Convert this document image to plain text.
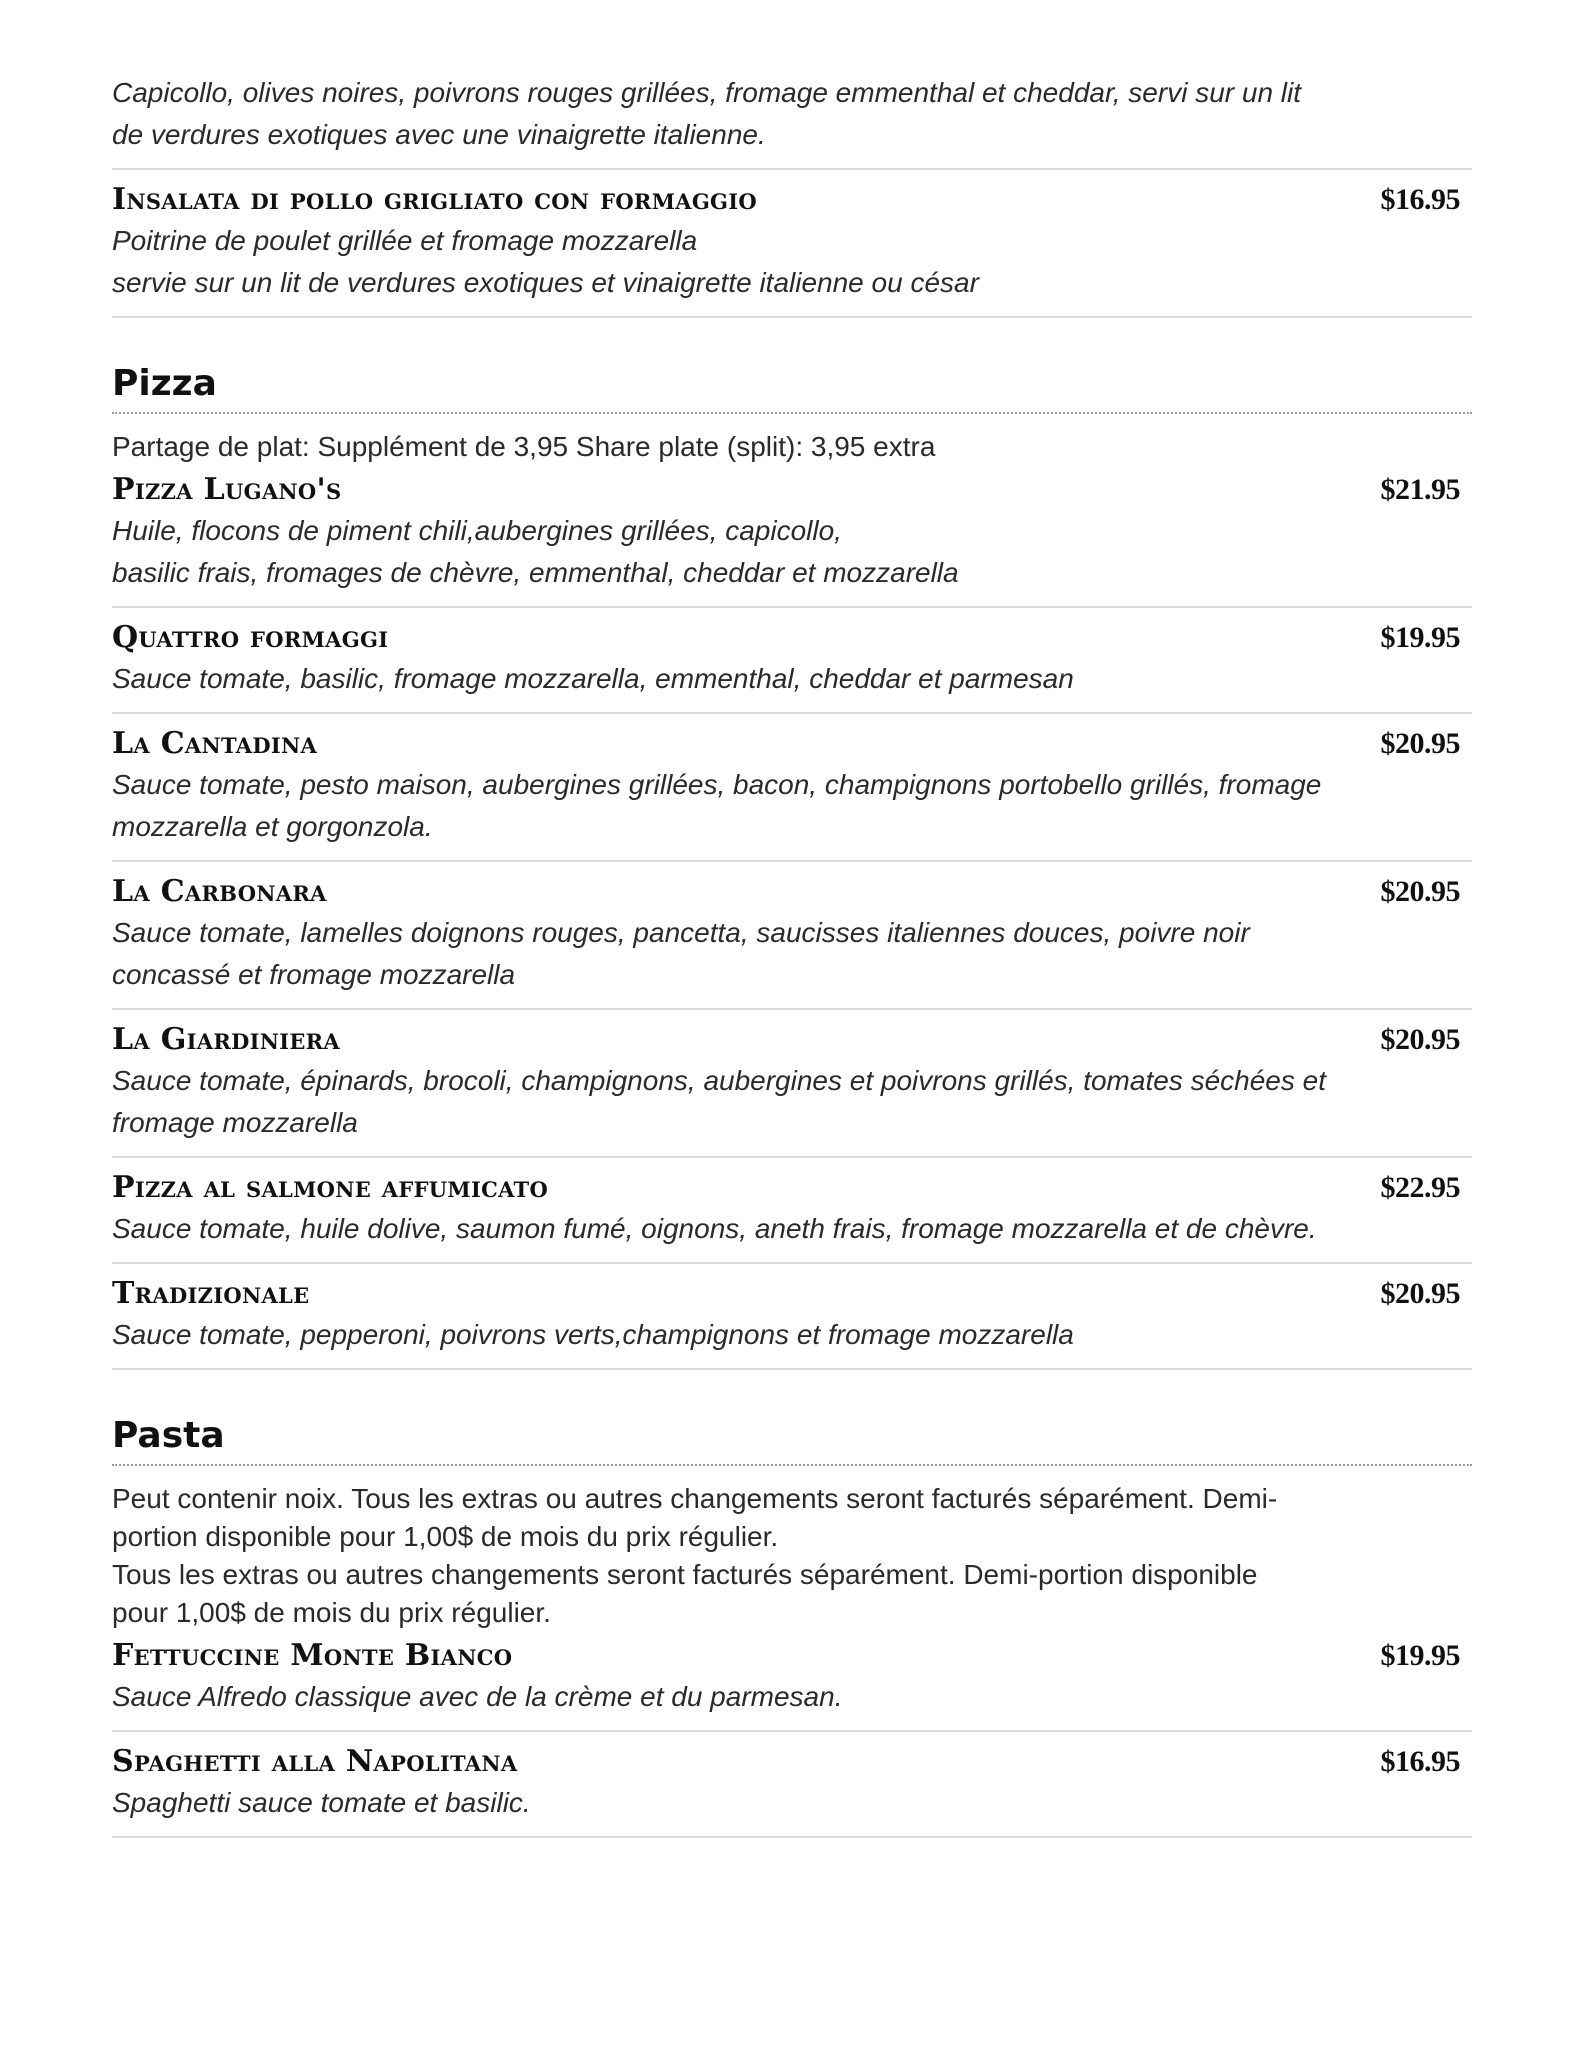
Capicollo, olives noires, poivrons rouges grillées, fromage emmenthal et cheddar, servi sur un lit
de verdures exotiques avec une vinaigrette italienne.
Insalata di pollo grigliato con formaggio	$16.95
Poitrine de poulet grillée et fromage mozzarella
servie sur un lit de verdures exotiques et vinaigrette italienne ou césar
Pizza

Partage de plat: Supplément de 3,95 Share plate (split): 3,95 extra

Pizza Lugano's	$21.95
Huile, flocons de piment chili,aubergines grillées, capicollo,
basilic frais, fromages de chèvre, emmenthal, cheddar et mozzarella
Quattro formaggi	$19.95
Sauce tomate, basilic, fromage mozzarella, emmenthal, cheddar et parmesan
La Cantadina	$20.95
Sauce tomate, pesto maison, aubergines grillées, bacon, champignons portobello grillés, fromage
mozzarella et gorgonzola.
La Carbonara	$20.95
Sauce tomate, lamelles doignons rouges, pancetta, saucisses italiennes douces, poivre noir
concassé et fromage mozzarella
La Giardiniera	$20.95
Sauce tomate, épinards, brocoli, champignons, aubergines et poivrons grillés, tomates séchées et
fromage mozzarella
Pizza al salmone affumicato	$22.95
Sauce tomate, huile dolive, saumon fumé, oignons, aneth frais, fromage mozzarella et de chèvre.
Tradizionale	$20.95
Sauce tomate, pepperoni, poivrons verts,champignons et fromage mozzarella
Pasta

Peut contenir noix. Tous les extras ou autres changements seront facturés séparément. Demi-

portion disponible pour 1,00$ de mois du prix régulier.

Tous les extras ou autres changements seront facturés séparément. Demi-portion disponible

pour 1,00$ de mois du prix régulier.

Fettuccine Monte Bianco	$19.95
Sauce Alfredo classique avec de la crème et du parmesan.
Spaghetti alla Napolitana	$16.95
Spaghetti sauce tomate et basilic.
